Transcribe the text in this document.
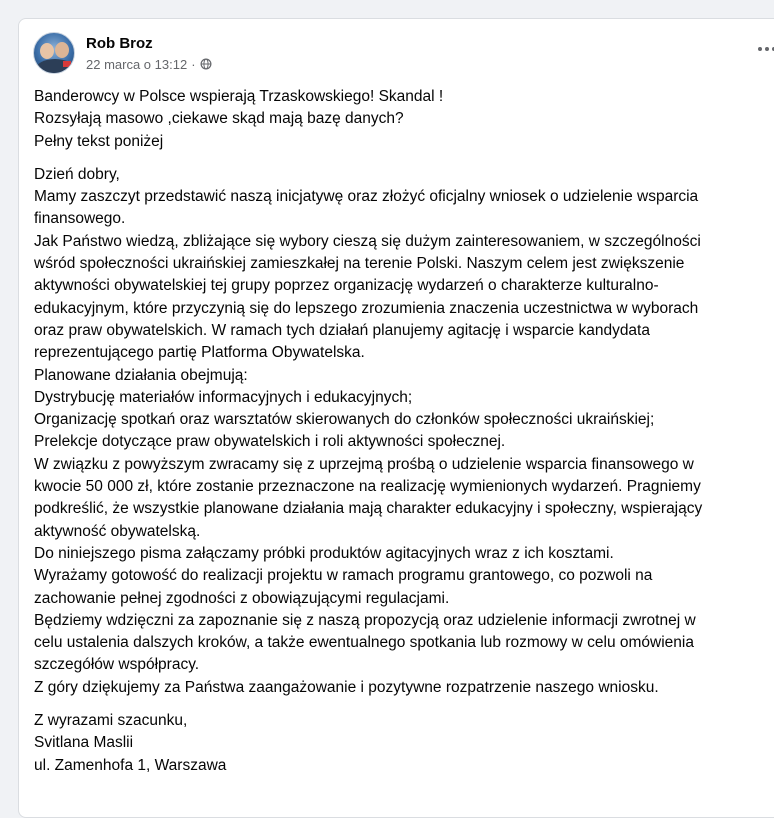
Rob Broz
22 marca o 13:12 ·

Banderowcy w Polsce wspierają Trzaskowskiego! Skandal !
Rozsyłają masowo ,ciekawe skąd mają bazę danych?
Pełny tekst poniżej

Dzień dobry,
Mamy zaszczyt przedstawić naszą inicjatywę oraz złożyć oficjalny wniosek o udzielenie wsparcia
finansowego.
Jak Państwo wiedzą, zbliżające się wybory cieszą się dużym zainteresowaniem, w szczególności
wśród społeczności ukraińskiej zamieszkałej na terenie Polski. Naszym celem jest zwiększenie
aktywności obywatelskiej tej grupy poprzez organizację wydarzeń o charakterze kulturalno-
edukacyjnym, które przyczynią się do lepszego zrozumienia znaczenia uczestnictwa w wyborach
oraz praw obywatelskich. W ramach tych działań planujemy agitację i wsparcie kandydata
reprezentującego partię Platforma Obywatelska.
Planowane działania obejmują:
Dystrybucję materiałów informacyjnych i edukacyjnych;
Organizację spotkań oraz warsztatów skierowanych do członków społeczności ukraińskiej;
Prelekcje dotyczące praw obywatelskich i roli aktywności społecznej.
W związku z powyższym zwracamy się z uprzejmą prośbą o udzielenie wsparcia finansowego w
kwocie 50 000 zł, które zostanie przeznaczone na realizację wymienionych wydarzeń. Pragniemy
podkreślić, że wszystkie planowane działania mają charakter edukacyjny i społeczny, wspierający
aktywność obywatelską.
Do niniejszego pisma załączamy próbki produktów agitacyjnych wraz z ich kosztami.
Wyrażamy gotowość do realizacji projektu w ramach programu grantowego, co pozwoli na
zachowanie pełnej zgodności z obowiązującymi regulacjami.
Będziemy wdzięczni za zapoznanie się z naszą propozycją oraz udzielenie informacji zwrotnej w
celu ustalenia dalszych kroków, a także ewentualnego spotkania lub rozmowy w celu omówienia
szczegółów współpracy.
Z góry dziękujemy za Państwa zaangażowanie i pozytywne rozpatrzenie naszego wniosku.

Z wyrazami szacunku,
Svitlana Maslii
ul. Zamenhofa 1, Warszawa
